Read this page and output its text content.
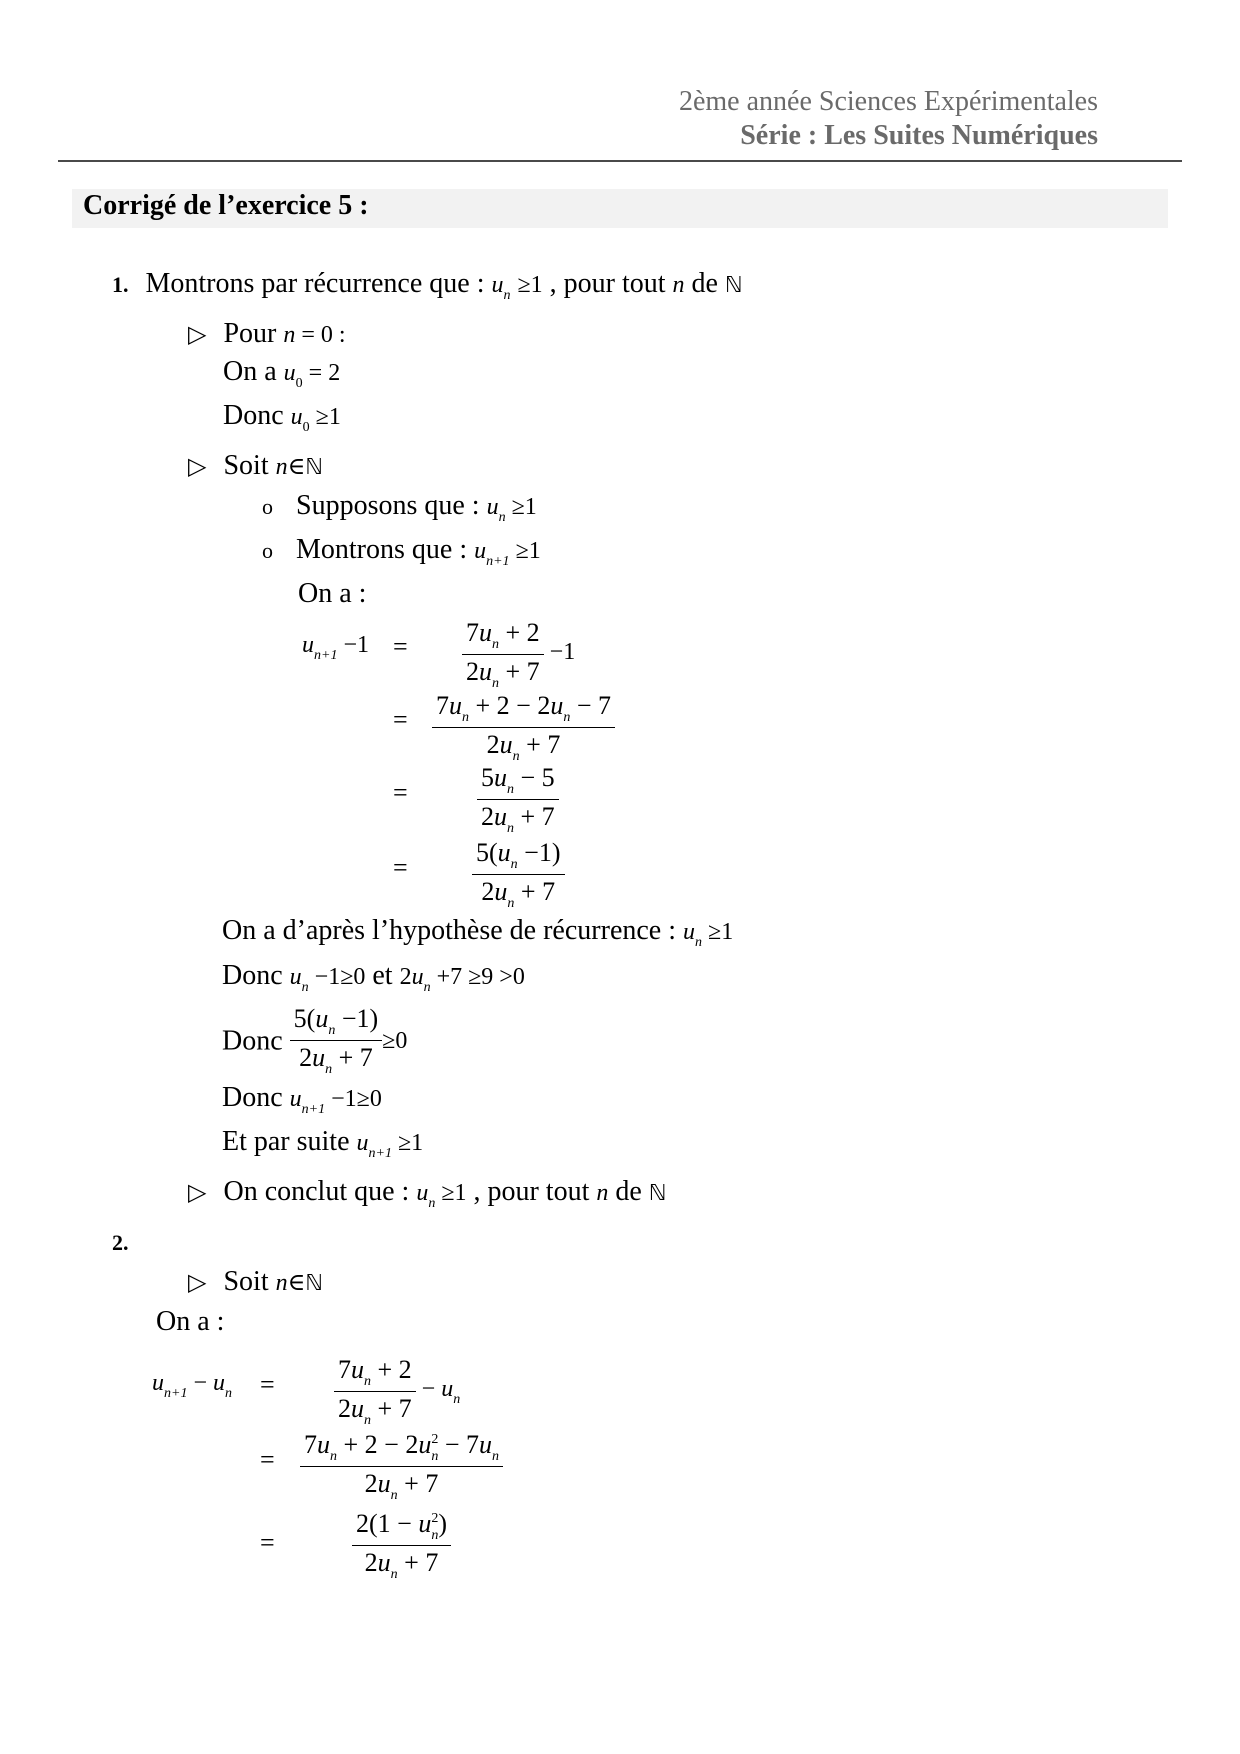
2ème année Sciences Expérimentales
Série : Les Suites Numériques
Corrigé de l’exercice 5 :
1. Montrons par récurrence que : $u_n \ge 1$ , pour tout n de ℕ
▷ Pour n = 0 :
On a $u_0 = 2$
Donc $u_0 \ge 1$
▷ Soit n∈ℕ
o Supposons que : $u_n \ge 1$
o Montrons que : $u_{n+1} \ge 1$
On a :
$un+1 -1 = \frac{7u_n + 2}{2u_n + 7} -1$
= $\frac{7u_n + 2 - 2u_n - 7}{2u_n + 7}$
=	$\frac{5u_n - 5}{2u_n + 7}$
= $\frac{5(u_n -1)}{2u_n + 7}$
On a d’après l’hypothèse de récurrence : $u_n \ge 1$
Donc $u_n -1\ge 0$ et $2u_n +7 \ge 9 >0$
Donc $\frac{5(u_n -1)}{2u_n + 7} \ge 0$
Donc $u_{n+1} -1\ge 0$
Et par suite $u_{n+1} \ge 1$
▷ On conclut que : $u_n \ge 1$ , pour tout n de ℕ
2.
▷ Soit n∈ℕ
On a :
un+1 − un = $\frac{7u_n + 2}{2u_n + 7}$ − un
= $\frac{7u_n + 2 - 2u_n^2 - 7u_n}{2u_n + 7}$
=	$\frac{2(1 - u_n^2)}{2u_n + 7}$
